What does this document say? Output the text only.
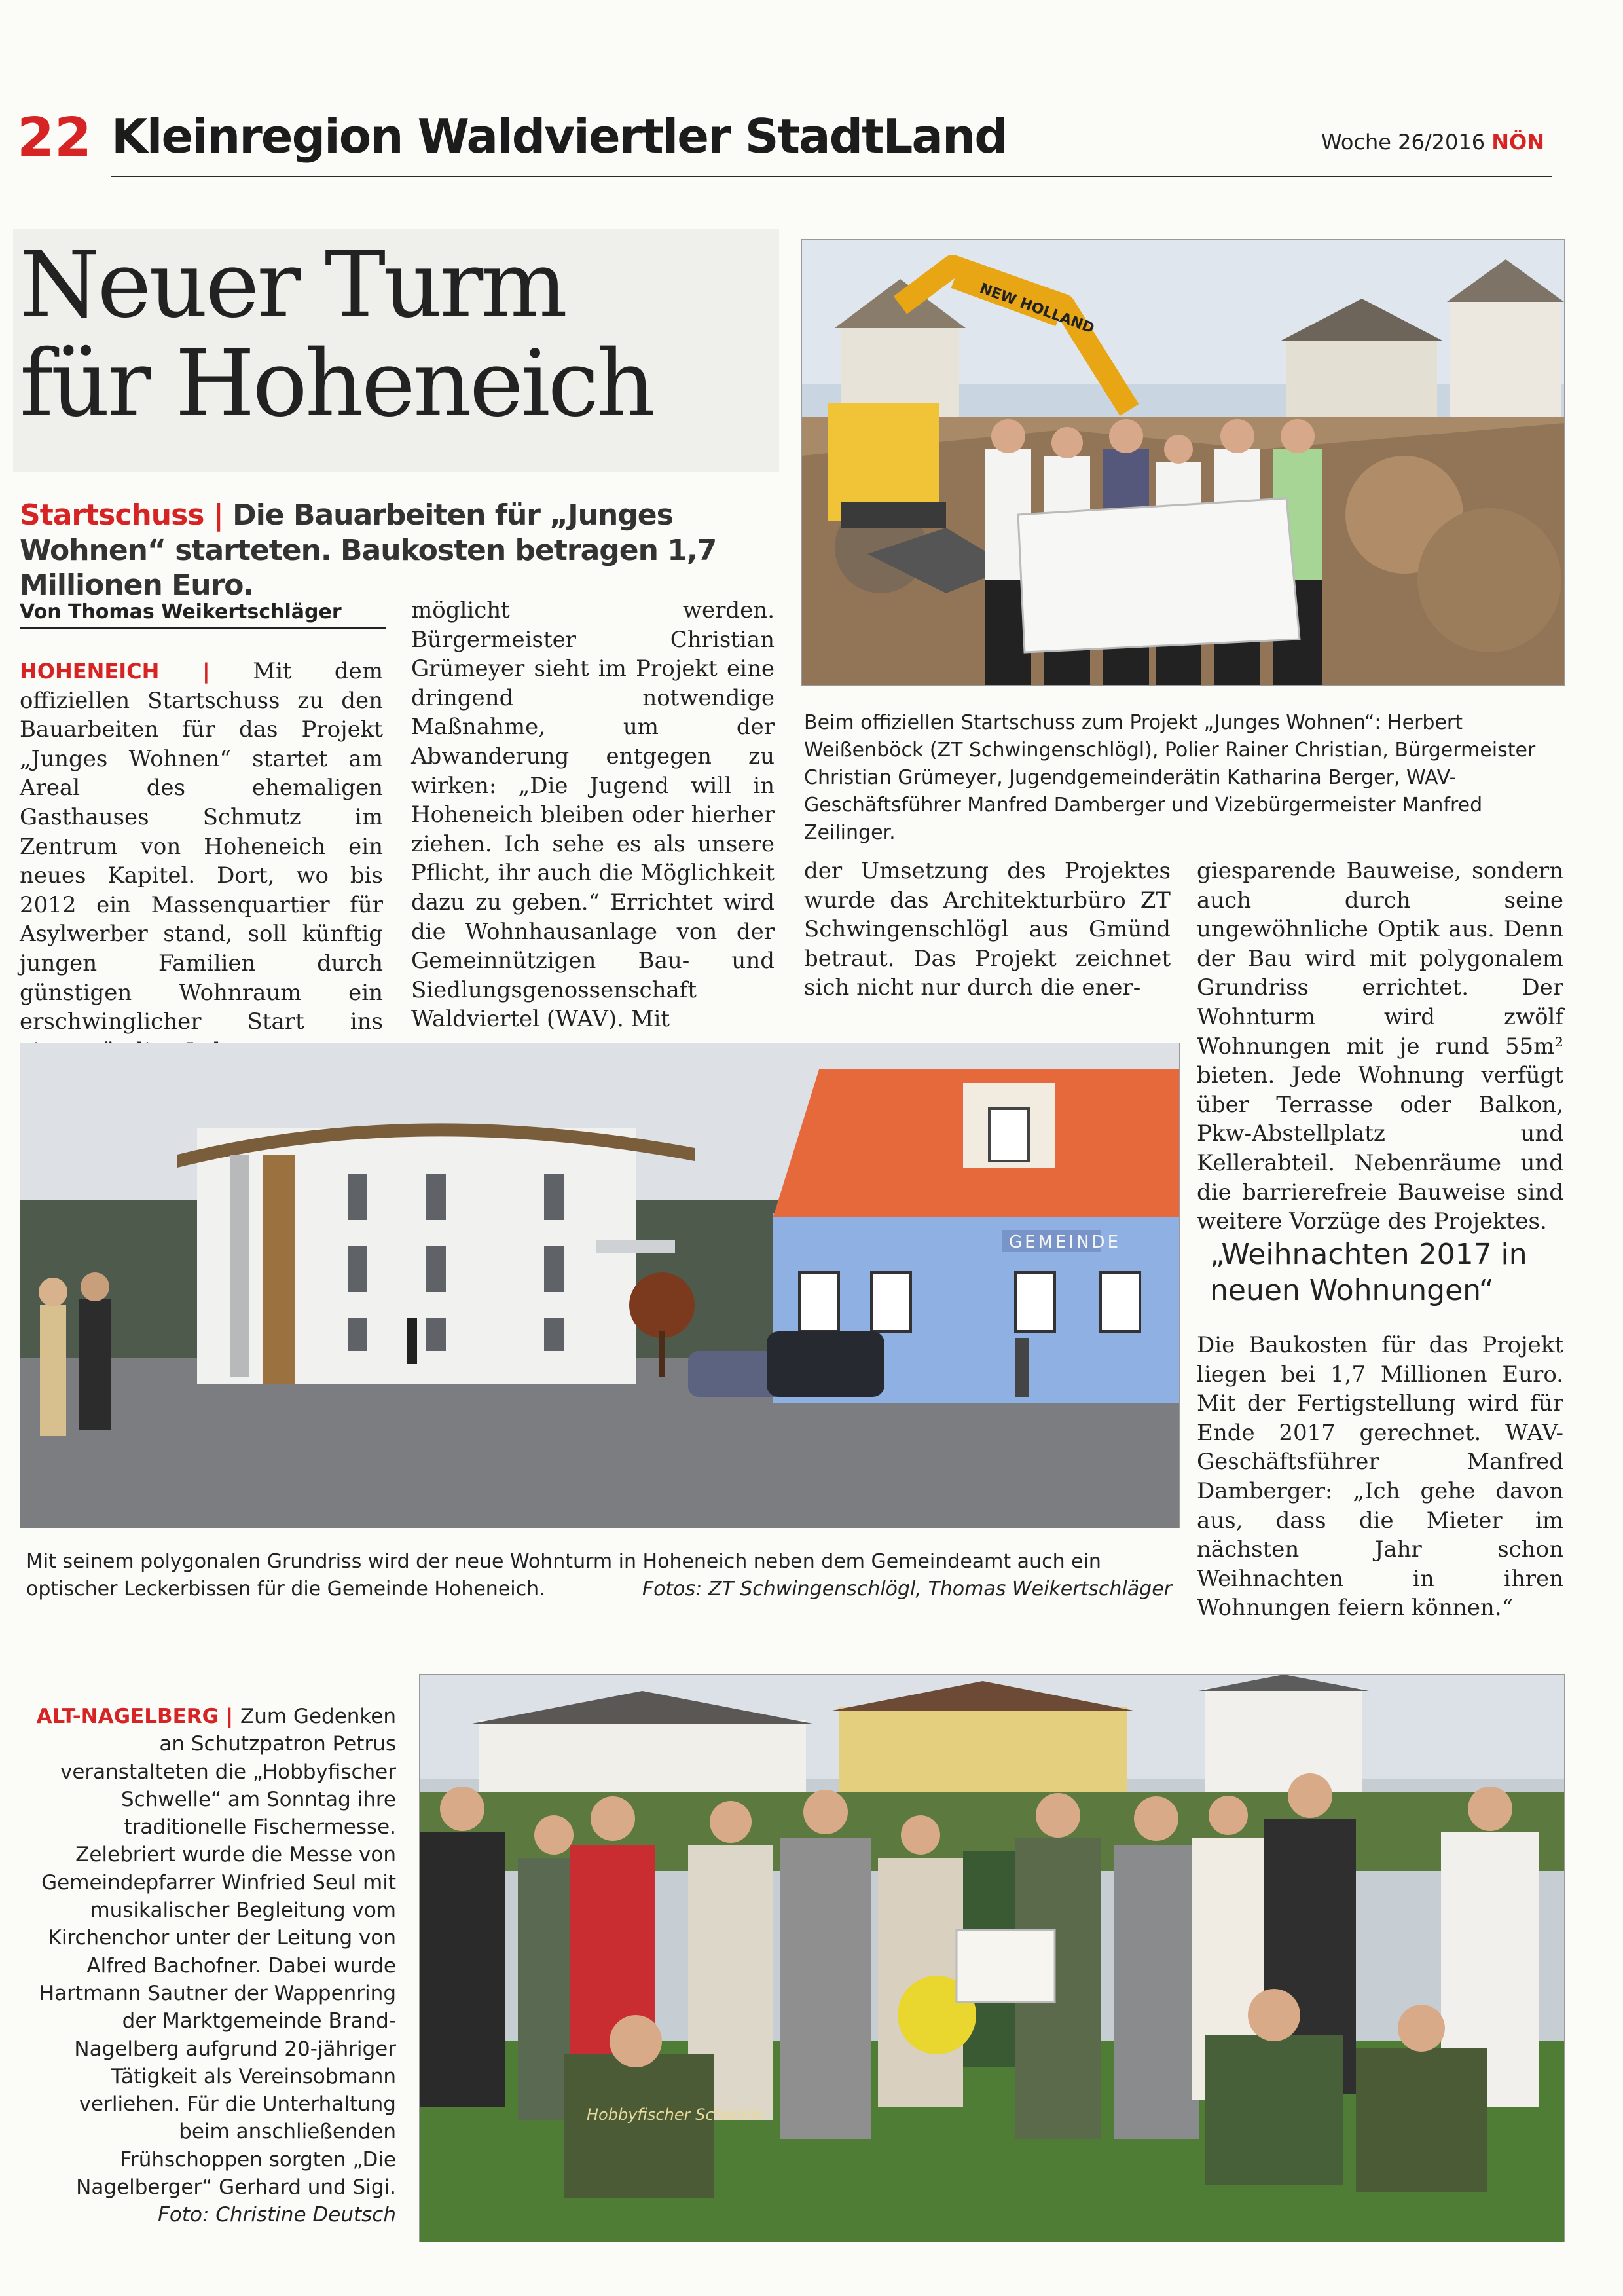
22 Kleinregion Waldviertler StadtLand	Woche 26/2016 NÖN
Neuer Turm
für Hoheneich
Startschuss | Die Bauarbeiten für „Junges Wohnen“ starteten. Baukosten betragen 1,7 Millionen Euro.
Von Thomas Weikertschläger
HOHENEICH | Mit dem offiziellen Startschuss zu den Bauarbeiten für das Projekt „Junges Wohnen“ startet am Areal des ehemaligen Gasthauses Schmutz im Zentrum von Hoheneich ein neues Kapitel. Dort, wo bis 2012 ein Massenquartier für Asylwerber stand, soll künftig jungen Familien durch günstigen Wohnraum ein erschwinglicher Start ins
möglicht werden. Bürgermeister Christian Grümeyer sieht im Projekt eine dringend notwendige Maßnahme, um der Abwanderung entgegen zu wirken: „Die Jugend will in Hoheneich bleiben oder hierher ziehen. Ich sehe es als unsere Pflicht, ihr auch die Möglichkeit dazu zu geben.“ Errichtet wird die Wohnhausanlage von der Gemeinnützigen Bau- und Siedlungsgenossenschaft Waldviertel (WAV). Mit
der Umsetzung des Projektes wurde das Architekturbüro ZT Schwingenschlögl aus Gmünd betraut. Das Projekt zeichnet sich nicht nur durch die ener-
giesparende Bauweise, sondern auch durch seine ungewöhnliche Optik aus. Denn der Bau wird mit polygonalem Grundriss errichtet. Der Wohnturm wird zwölf Wohnungen mit je rund 55m² bieten. Jede Wohnung verfügt über Terrasse oder Balkon, Pkw-Abstellplatz und Kellerabteil. Nebenräume und die barrierefreie Bauweise sind weitere Vorzüge des Projektes.
„Weihnachten 2017 in neuen Wohnungen“
Die Baukosten für das Projekt liegen bei 1,7 Millionen Euro. Mit der Fertigstellung wird für Ende 2017 gerechnet. WAV-Geschäftsführer Manfred Damberger: „Ich gehe davon aus, dass die Mieter im nächsten Jahr schon Weihnachten in ihren Wohnungen feiern können.“
NEW HOLLAND
Beim offiziellen Startschuss zum Projekt „Junges Wohnen“: Herbert Weißenböck (ZT Schwingenschlögl), Polier Rainer Christian, Bürgermeister Christian Grümeyer, Jugendgemeinderätin Katharina Berger, WAV-Geschäftsführer Manfred Damberger und Vizebürgermeister Manfred Zeilinger.
GEMEINDE
Mit seinem polygonalen Grundriss wird der neue Wohnturm in Hoheneich neben dem Gemeindeamt auch ein optischer Leckerbissen für die Gemeinde Hoheneich.	Fotos: ZT Schwingenschlögl, Thomas Weikertschläger
ALT-NAGELBERG | Zum Gedenken an Schutzpatron Petrus veranstalteten die „Hobbyfischer Schwelle“ am Sonntag ihre traditionelle Fischermesse. Zelebriert wurde die Messe von Gemeindepfarrer Winfried Seul mit musikalischer Begleitung vom Kirchenchor unter der Leitung von Alfred Bachofner. Dabei wurde Hartmann Sautner der Wappenring der Marktgemeinde Brand-Nagelberg aufgrund 20-jähriger Tätigkeit als Vereinsobmann verliehen. Für die Unterhaltung beim anschließenden Frühschoppen sorgten „Die Nagelberger“ Gerhard und Sigi.
Foto: Christine Deutsch
Hobbyfischer Schwelle
